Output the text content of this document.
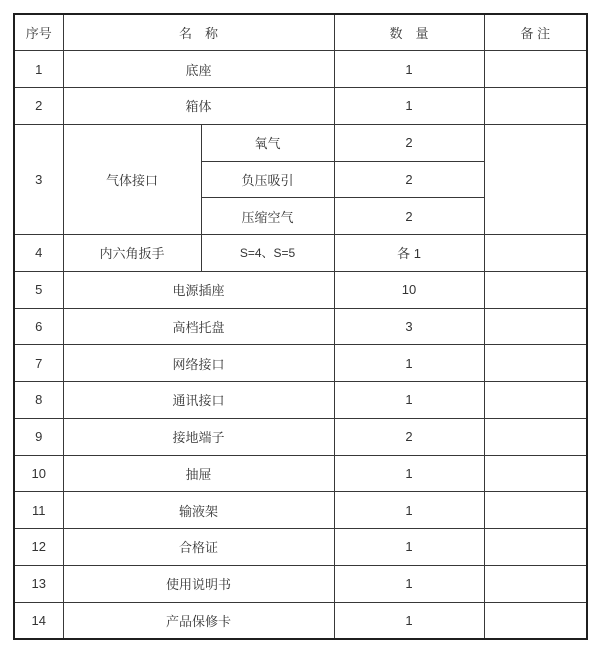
序号	名　称		数　量	备 注
1	底座		1	
2	箱体		1	
3	气体接口	氧气	2	
		负压吸引	2	
		压缩空气	2	
4	内六角扳手	S=4、S=5	各 1	
5	电源插座		10	
6	高档托盘		3	
7	网络接口		1	
8	通讯接口		1	
9	接地端子		2	
10	抽屉		1	
11	输液架		1	
12	合格证		1	
13	使用说明书		1	
14	产品保修卡		1	
